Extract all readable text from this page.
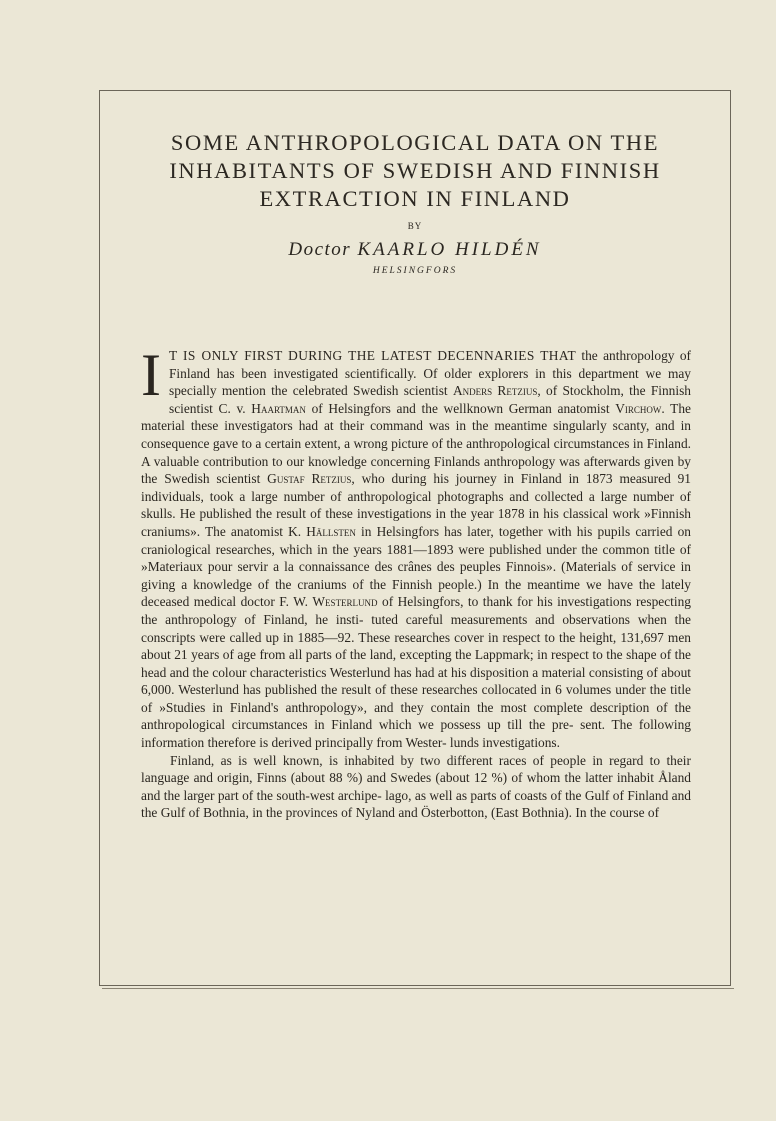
SOME ANTHROPOLOGICAL DATA ON THE
INHABITANTS OF SWEDISH AND FINNISH
EXTRACTION IN FINLAND
BY
Doctor KAARLO HILDÉN
HELSINGFORS

I T IS ONLY FIRST DURING THE LATEST DECENNARIES THAT the anthropology of Finland has been investigated scientifically. Of older explorers in this department we may specially mention the celebrated Swedish scientist Anders Retzius, of Stockholm, the Finnish scientist C. v. Haartman of Helsingfors and the wellknown German anatomist Virchow. The material these investigators had at their command was in the meantime singularly scanty, and in consequence gave to a certain extent, a wrong picture of the anthropological circumstances in Finland. A valuable contribution to our knowledge concerning Finlands anthropology was afterwards given by the Swedish scientist Gustaf Retzius, who during his journey in Finland in 1873 measured 91 individuals, took a large number of anthropological photographs and collected a large number of skulls. He published the result of these investigations in the year 1878 in his classical work »Finnish craniums». The anatomist K. Hällsten in Helsingfors has later, together with his pupils carried on craniological researches, which in the years 1881—1893 were published under the common title of »Materiaux pour servir a la connaissance des crânes des peuples Finnois». (Materials of service in giving a knowledge of the craniums of the Finnish people.) In the meantime we have the lately deceased medical doctor F. W. Westerlund of Helsingfors, to thank for his investigations respecting the anthropology of Finland, he insti- tuted careful measurements and observations when the conscripts were called up in 1885—92. These researches cover in respect to the height, 131,697 men about 21 years of age from all parts of the land, excepting the Lappmark; in respect to the shape of the head and the colour characteristics Westerlund has had at his disposition a material consisting of about 6,000. Westerlund has published the result of these researches collocated in 6 volumes under the title of »Studies in Finland's anthropology», and they contain the most complete description of the anthropological circumstances in Finland which we possess up till the pre- sent. The following information therefore is derived principally from Wester- lunds investigations.

Finland, as is well known, is inhabited by two different races of people in regard to their language and origin, Finns (about 88 %) and Swedes (about 12 %) of whom the latter inhabit Åland and the larger part of the south-west archipe- lago, as well as parts of coasts of the Gulf of Finland and the Gulf of Bothnia, in the provinces of Nyland and Österbotton, (East Bothnia). In the course of
